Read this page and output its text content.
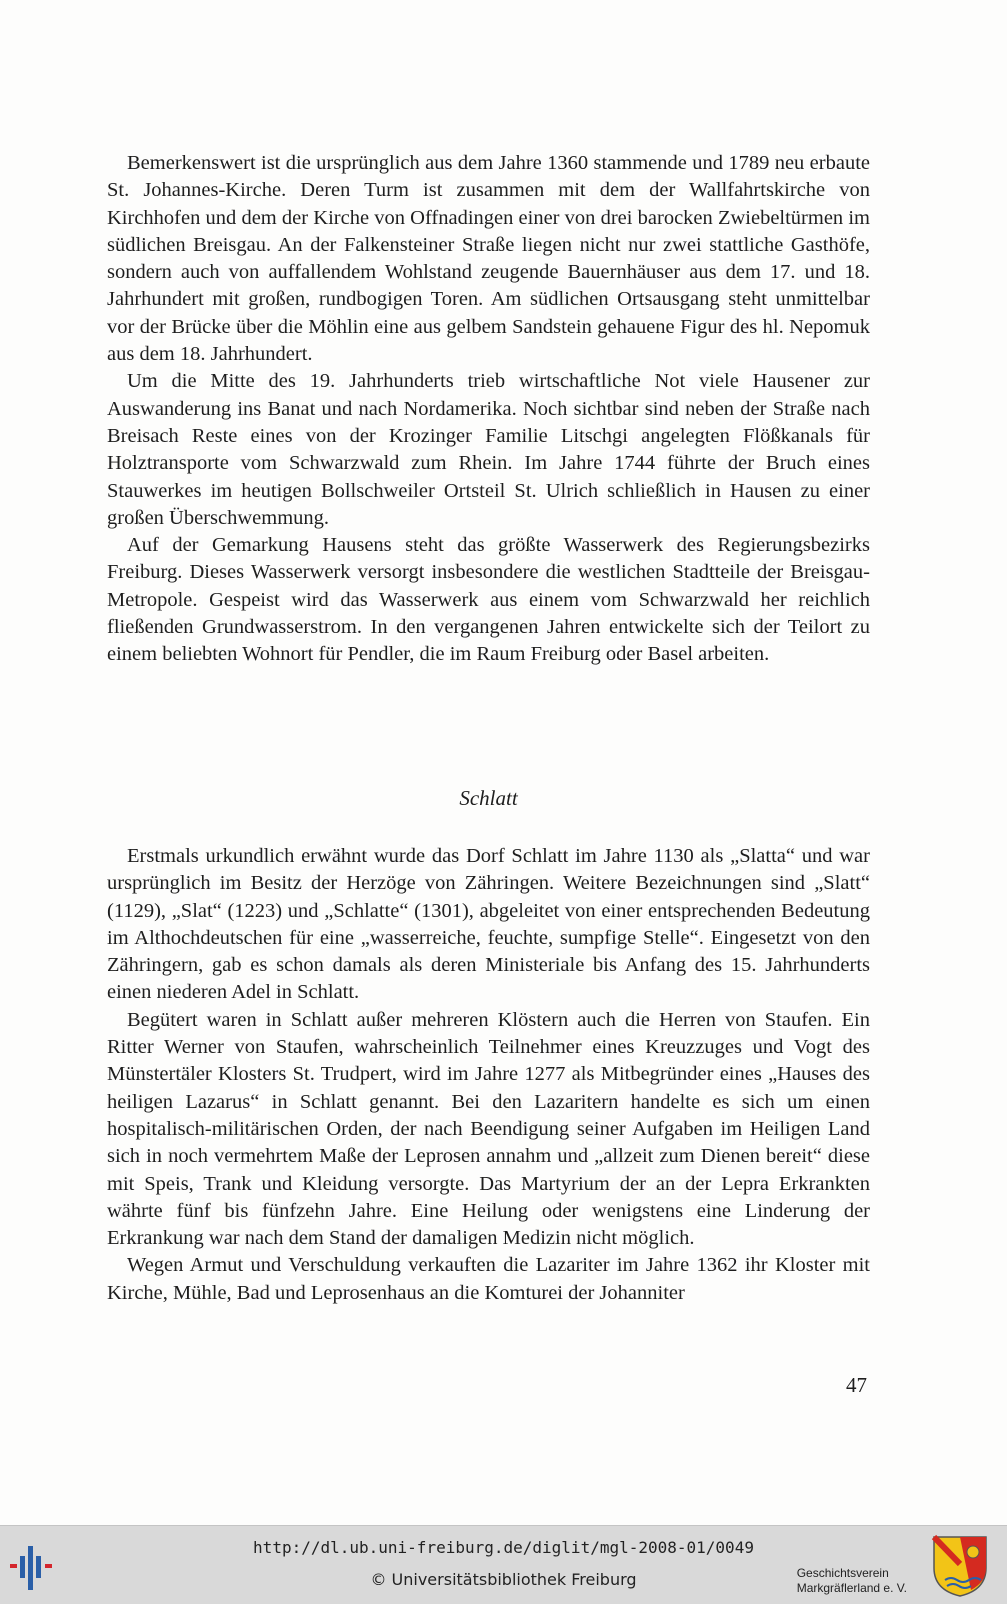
Bemerkenswert ist die ursprünglich aus dem Jahre 1360 stammende und 1789 neu erbaute St. Johannes-Kirche. Deren Turm ist zusammen mit dem der Wallfahrtskirche von Kirchhofen und dem der Kirche von Offnadingen einer von drei barocken Zwiebeltürmen im südlichen Breisgau. An der Falkensteiner Straße liegen nicht nur zwei stattliche Gasthöfe, sondern auch von auffallendem Wohlstand zeugende Bauernhäuser aus dem 17. und 18. Jahrhundert mit großen, rundbogigen Toren. Am südlichen Ortsausgang steht unmittelbar vor der Brücke über die Möhlin eine aus gelbem Sandstein gehauene Figur des hl. Nepomuk aus dem 18. Jahrhundert.

Um die Mitte des 19. Jahrhunderts trieb wirtschaftliche Not viele Hausener zur Auswanderung ins Banat und nach Nordamerika. Noch sichtbar sind neben der Straße nach Breisach Reste eines von der Krozinger Familie Litschgi angelegten Flößkanals für Holztransporte vom Schwarzwald zum Rhein. Im Jahre 1744 führte der Bruch eines Stauwerkes im heutigen Bollschweiler Ortsteil St. Ulrich schließlich in Hausen zu einer großen Überschwemmung.

Auf der Gemarkung Hausens steht das größte Wasserwerk des Regierungsbezirks Freiburg. Dieses Wasserwerk versorgt insbesondere die westlichen Stadtteile der Breisgau-Metropole. Gespeist wird das Wasserwerk aus einem vom Schwarzwald her reichlich fließenden Grundwasserstrom. In den vergangenen Jahren entwickelte sich der Teilort zu einem beliebten Wohnort für Pendler, die im Raum Freiburg oder Basel arbeiten.

Schlatt

Erstmals urkundlich erwähnt wurde das Dorf Schlatt im Jahre 1130 als „Slatta“ und war ursprünglich im Besitz der Herzöge von Zähringen. Weitere Bezeichnungen sind „Slatt“ (1129), „Slat“ (1223) und „Schlatte“ (1301), abgeleitet von einer entsprechenden Bedeutung im Althochdeutschen für eine „wasserreiche, feuchte, sumpfige Stelle“. Eingesetzt von den Zähringern, gab es schon damals als deren Ministeriale bis Anfang des 15. Jahrhunderts einen niederen Adel in Schlatt.

Begütert waren in Schlatt außer mehreren Klöstern auch die Herren von Staufen. Ein Ritter Werner von Staufen, wahrscheinlich Teilnehmer eines Kreuzzuges und Vogt des Münstertäler Klosters St. Trudpert, wird im Jahre 1277 als Mitbegründer eines „Hauses des heiligen Lazarus“ in Schlatt genannt. Bei den Lazaritern handelte es sich um einen hospitalisch-militärischen Orden, der nach Beendigung seiner Aufgaben im Heiligen Land sich in noch vermehrtem Maße der Leprosen annahm und „allzeit zum Dienen bereit“ diese mit Speis, Trank und Kleidung versorgte. Das Martyrium der an der Lepra Erkrankten währte fünf bis fünfzehn Jahre. Eine Heilung oder wenigstens eine Linderung der Erkrankung war nach dem Stand der damaligen Medizin nicht möglich.

Wegen Armut und Verschuldung verkauften die Lazariter im Jahre 1362 ihr Kloster mit Kirche, Mühle, Bad und Leprosenhaus an die Komturei der Johanniter

47
http://dl.ub.uni-freiburg.de/diglit/mgl-2008-01/0049
© Universitätsbibliothek Freiburg	Geschichtsverein
Markgräflerland e. V.
